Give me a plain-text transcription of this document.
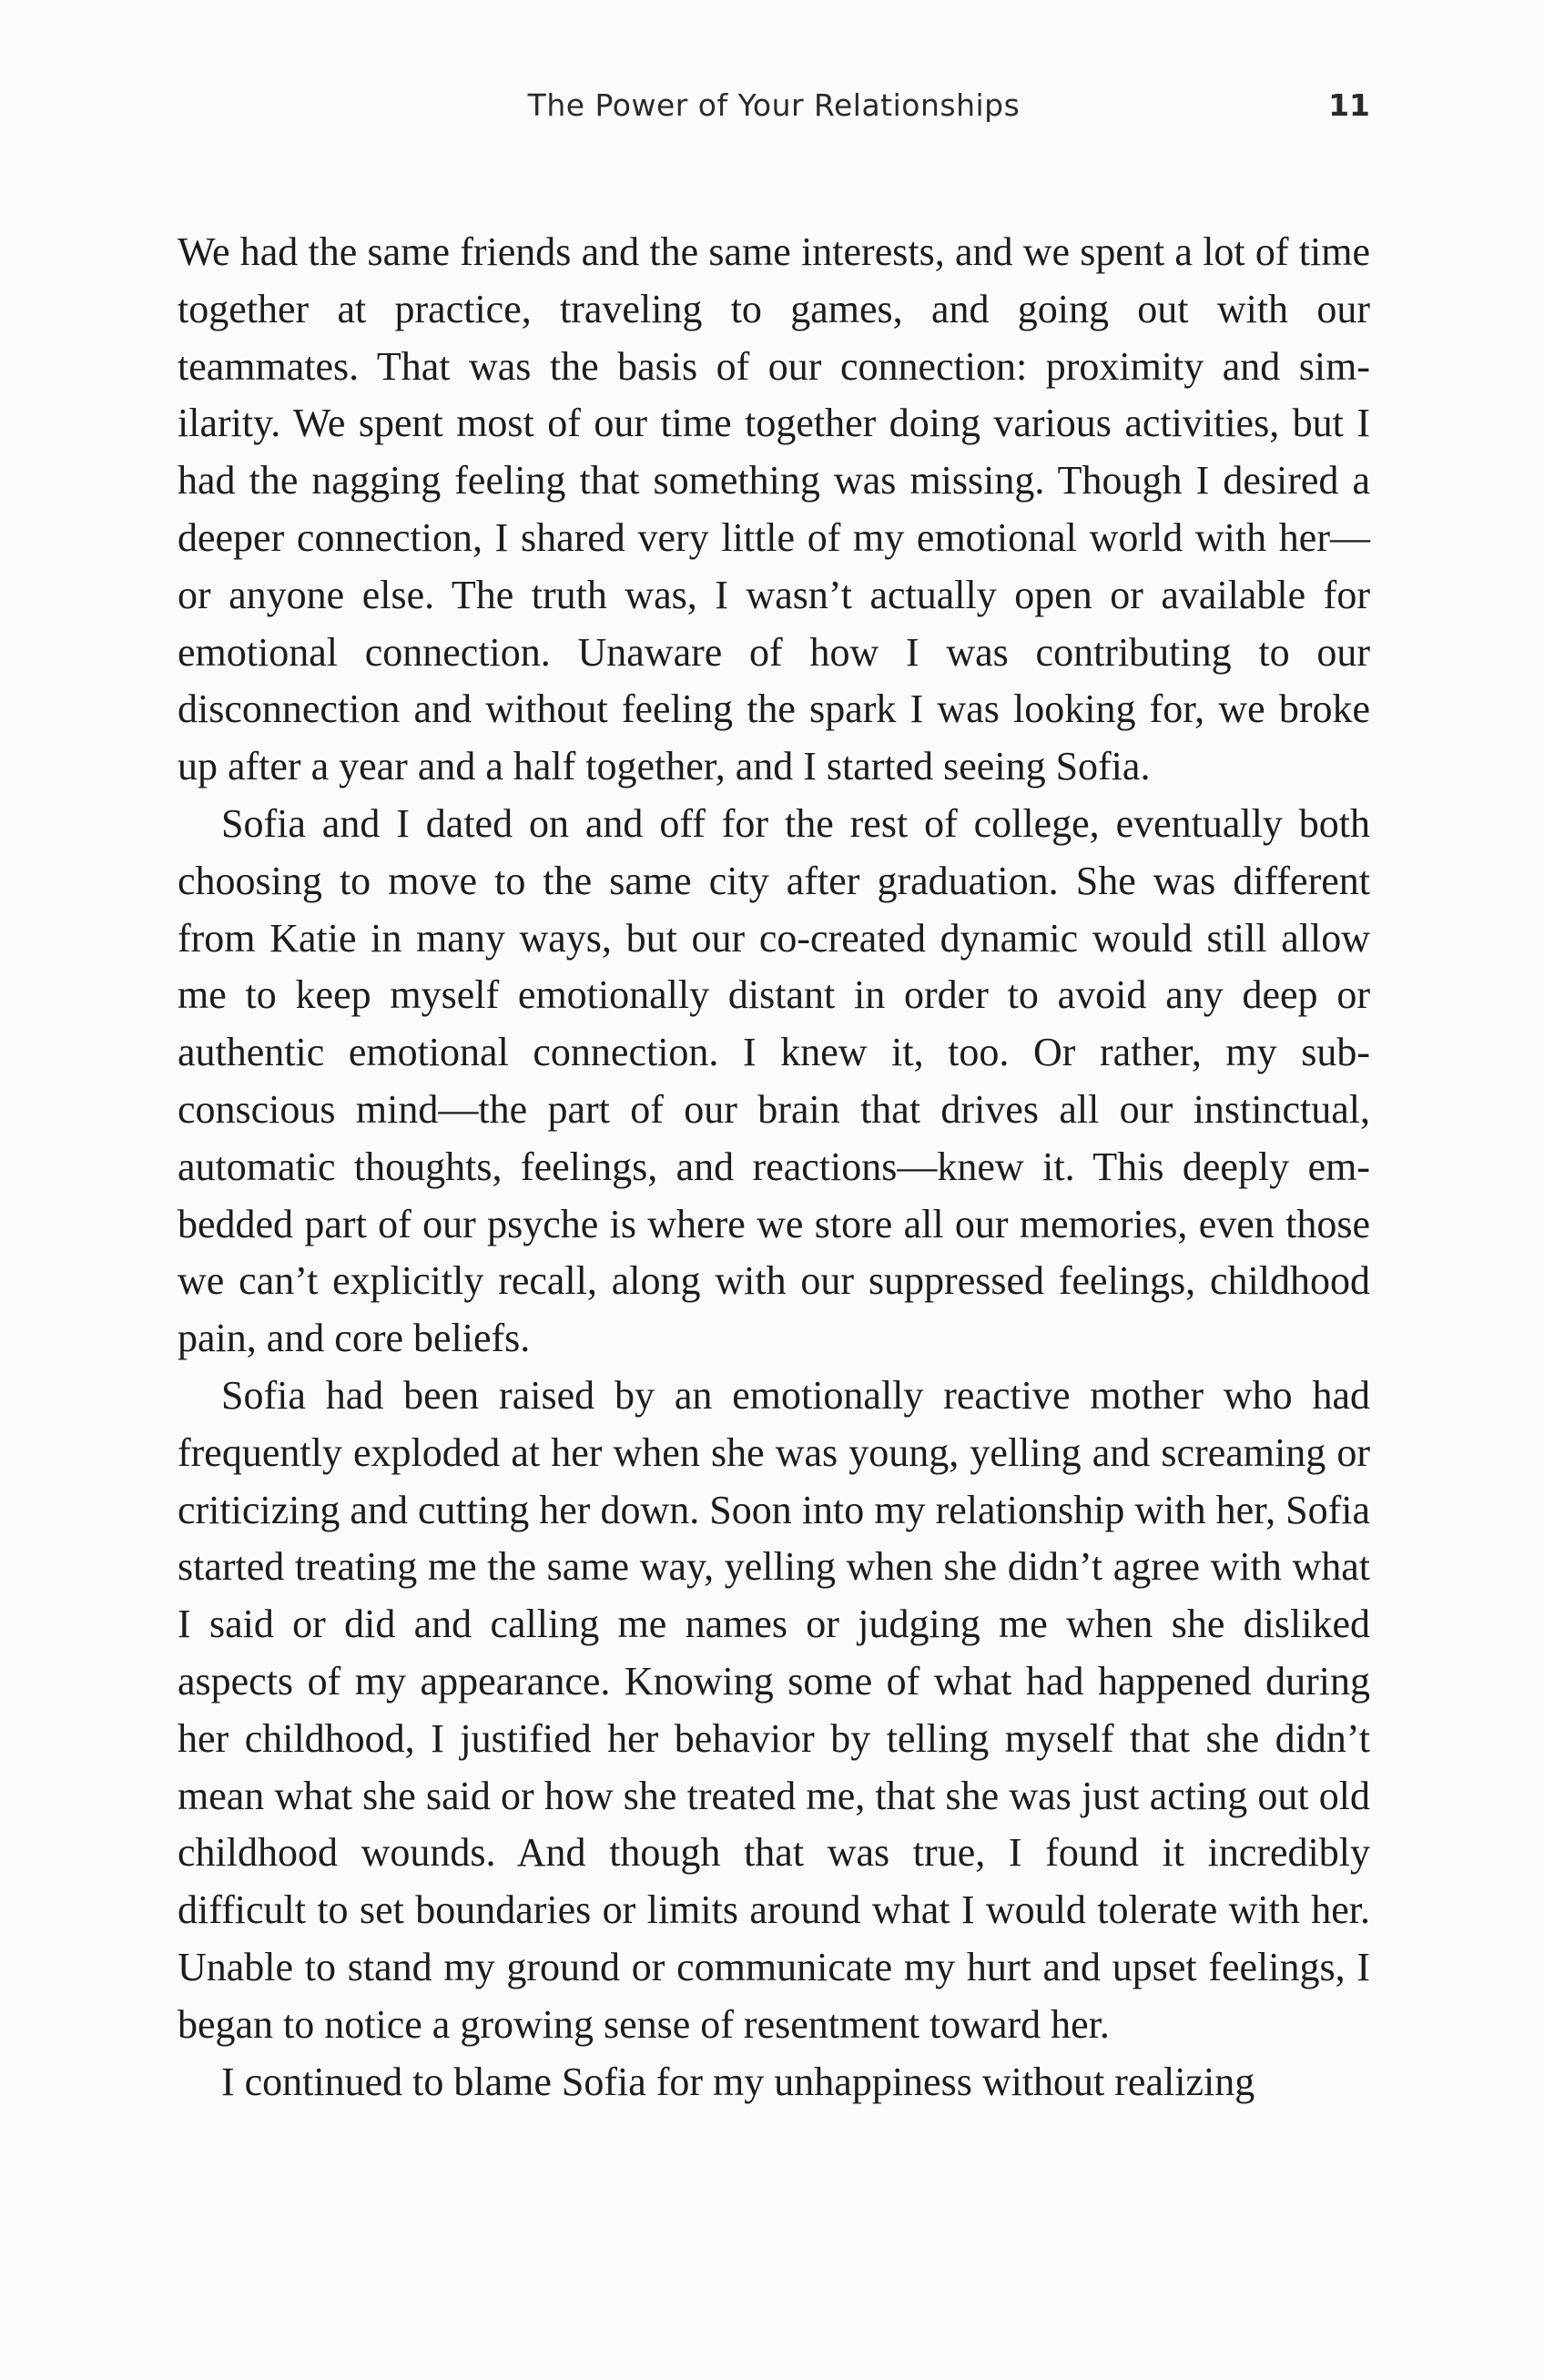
The Power of Your Relationships	11

We had the same friends and the same interests, and we spent a lot of time together at practice, traveling to games, and going out with our teammates. That was the basis of our connection: proximity and similarity. We spent most of our time together doing various activities, but I had the nagging feeling that something was missing. Though I desired a deeper connection, I shared very little of my emotional world with her—or anyone else. The truth was, I wasn’t actually open or available for emotional connection. Unaware of how I was contributing to our disconnection and without feeling the spark I was looking for, we broke up after a year and a half together, and I started seeing Sofia.

Sofia and I dated on and off for the rest of college, eventually both choosing to move to the same city after graduation. She was different from Katie in many ways, but our co-created dynamic would still allow me to keep myself emotionally distant in order to avoid any deep or authentic emotional connection. I knew it, too. Or rather, my subconscious mind—the part of our brain that drives all our instinctual, automatic thoughts, feelings, and reactions—knew it. This deeply embedded part of our psyche is where we store all our memories, even those we can’t explicitly recall, along with our suppressed feelings, childhood pain, and core beliefs.

Sofia had been raised by an emotionally reactive mother who had frequently exploded at her when she was young, yelling and screaming or criticizing and cutting her down. Soon into my relationship with her, Sofia started treating me the same way, yelling when she didn’t agree with what I said or did and calling me names or judging me when she disliked aspects of my appearance. Knowing some of what had happened during her childhood, I justified her behavior by telling myself that she didn’t mean what she said or how she treated me, that she was just acting out old childhood wounds. And though that was true, I found it incredibly difficult to set boundaries or limits around what I would tolerate with her. Unable to stand my ground or communicate my hurt and upset feelings, I began to notice a growing sense of resentment toward her.

I continued to blame Sofia for my unhappiness without realizing
